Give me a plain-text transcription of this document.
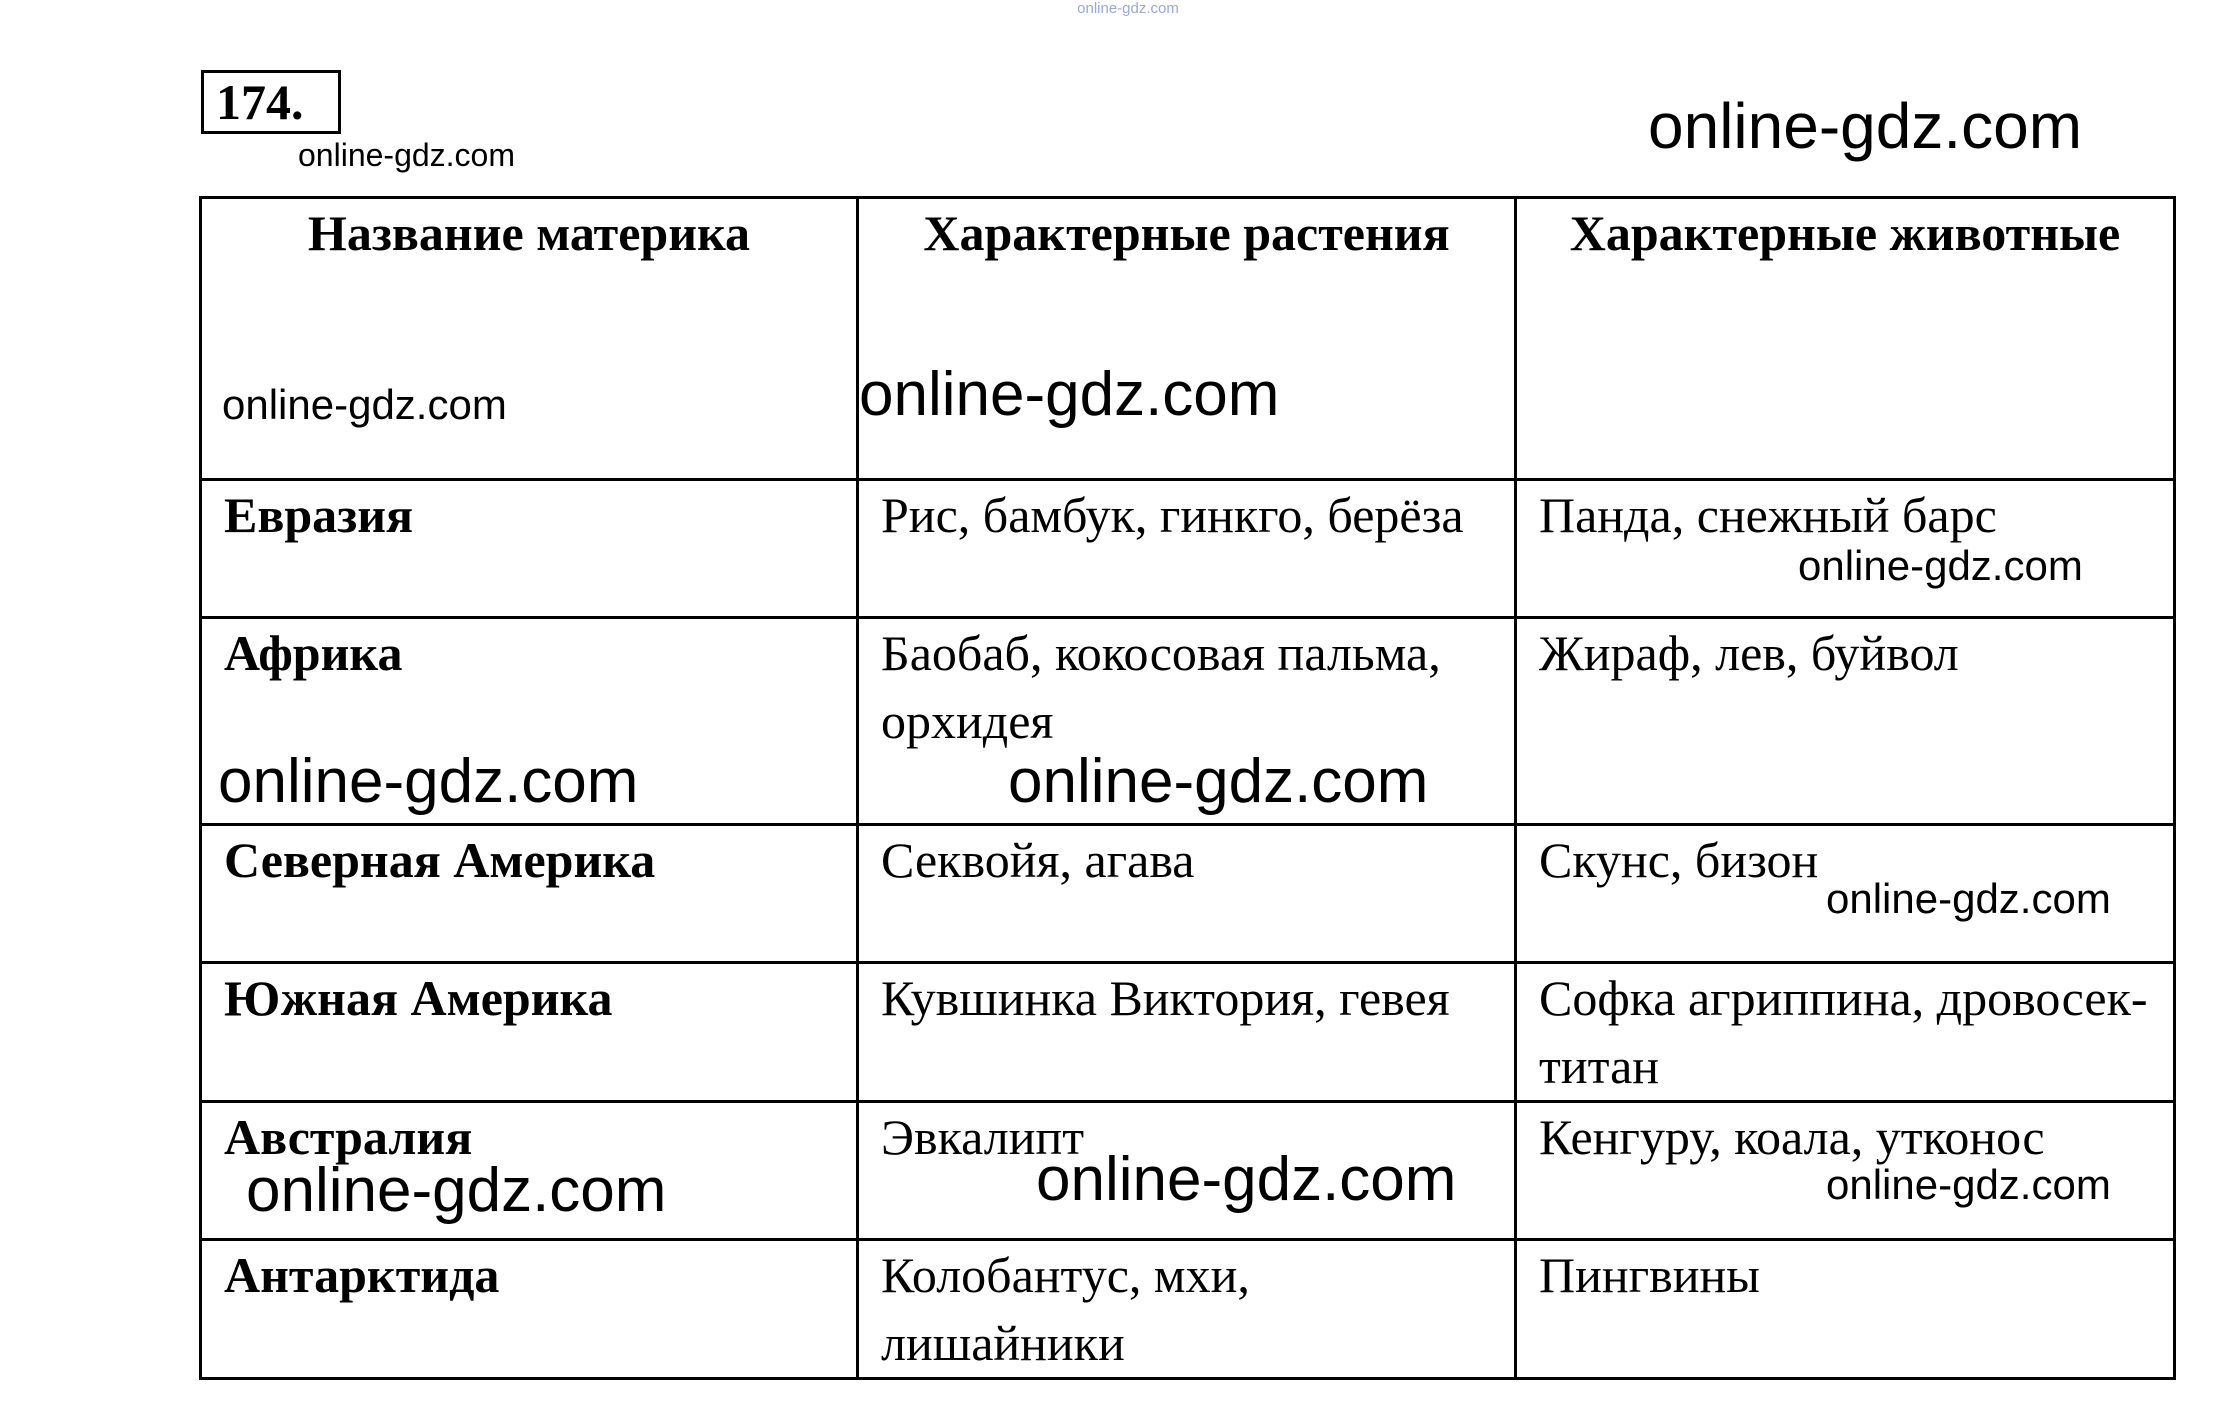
online-gdz.com
174.
Название материка	Характерные растения	Характерные животные
Евразия	Рис, бамбук, гинкго, берёза	Панда, снежный барс
Африка	Баобаб, кокосовая пальма, орхидея	Жираф, лев, буйвол
Северная Америка	Секвойя, агава	Скунс, бизон
Южная Америка	Кувшинка Виктория, гевея	Софка агриппина, дровосек-титан
Австралия	Эвкалипт	Кенгуру, коала, утконос
Антарктида	Колобантус, мхи, лишайники	Пингвины
online-gdz.com	online-gdz.com
online-gdz.com	online-gdz.com
online-gdz.com
online-gdz.com	online-gdz.com
online-gdz.com
online-gdz.com	online-gdz.com	online-gdz.com
